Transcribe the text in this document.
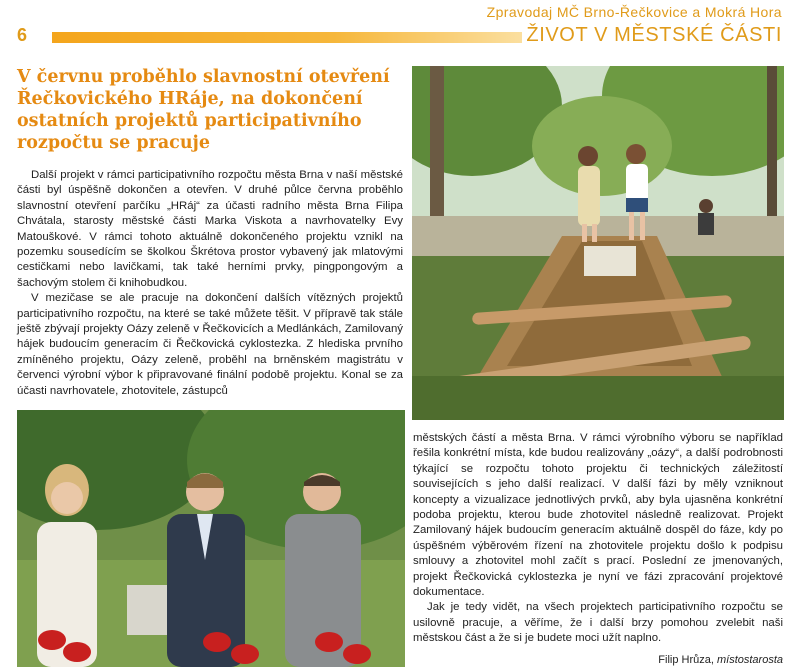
Zpravodaj MČ Brno-Řečkovice a Mokrá Hora
6	ŽIVOT V MĚSTSKÉ ČÁSTI
V červnu proběhlo slavnostní otevření Řečkovického HRáje, na dokončení ostatních projektů participativního rozpočtu se pracuje

Další projekt v rámci participativního rozpočtu města Brna v naší městské části byl úspěšně dokončen a otevřen. V druhé půlce června proběhlo slavnostní otevření parčíku „HRáj“ za účasti radního města Brna Filipa Chvátala, starosty městské části Marka Viskota a navrhovatelky Evy Matouškové. V rámci tohoto aktuálně dokončeného projektu vznikl na pozemku sousedícím se školkou Škrétova prostor vybavený jak mlatovými cestičkami nebo lavičkami, tak také herními prvky, pingpongovým a šachovým stolem či knihobudkou.

V mezičase se ale pracuje na dokončení dalších vítězných projektů participativního rozpočtu, na které se také můžete těšit. V přípravě tak stále ještě zbývají projekty Oázy zeleně v Řečkovicích a Medlánkách, Zamilovaný hájek budoucím generacím či Řečkovická cyklostezka. Z hlediska prvního zmíněného projektu, Oázy zeleně, proběhl na brněnském magistrátu v červenci výrobní výbor k připravované finální podobě projektu. Konal se za účasti navrhovatele, zhotovitele, zástupců

městských částí a města Brna. V rámci výrobního výboru se například řešila konkrétní místa, kde budou realizovány „oázy“, a další podrobnosti týkající se rozpočtu tohoto projektu či technických záležitostí souvisejících s jeho další realizací. V další fázi by měly vzniknout koncepty a vizualizace jednotlivých prvků, aby byla ujasněna konkrétní podoba projektu, kterou bude zhotovitel následně realizovat. Projekt Zamilovaný hájek budoucím generacím aktuálně dospěl do fáze, kdy po úspěšném výběrovém řízení na zhotovitele projektu došlo k podpisu smlouvy a zhotovitel mohl začít s prací. Poslední ze jmenovaných, projekt Řečkovická cyklostezka je nyní ve fázi zpracování projektové dokumentace.

Jak je tedy vidět, na všech projektech participativního rozpočtu se usilovně pracuje, a věříme, že i další brzy pomohou zvelebit naši městskou část a že si je budete moci užít naplno.

Filip Hrůza, místostarosta
